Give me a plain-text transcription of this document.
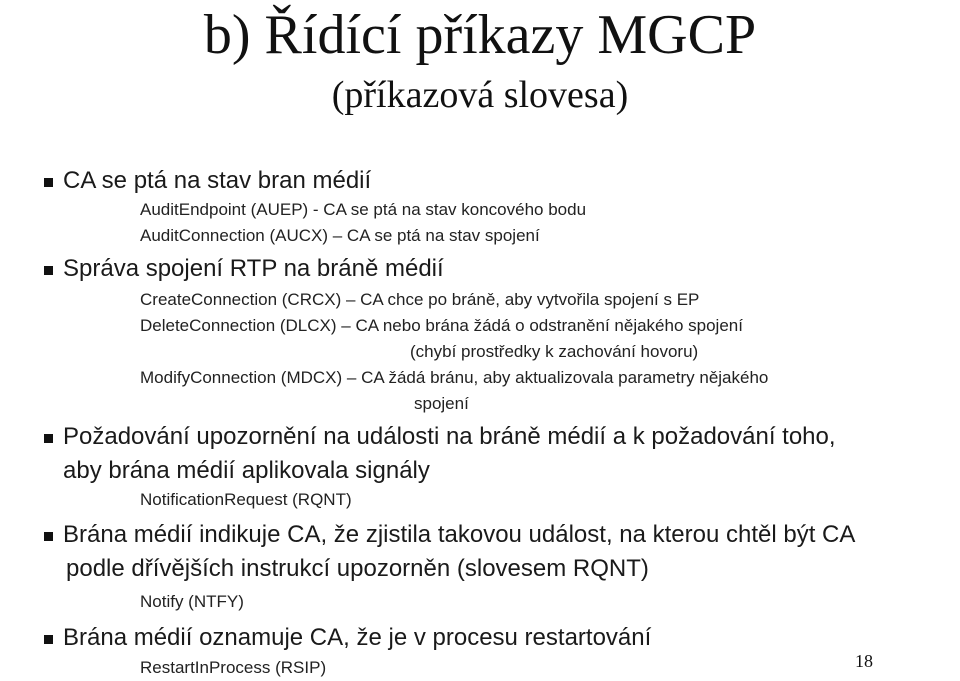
b) Řídící příkazy MGCP
(příkazová slovesa)
CA se ptá na stav bran médií
AuditEndpoint (AUEP) - CA se ptá na stav koncového bodu
AuditConnection (AUCX) – CA se ptá na stav spojení
Správa spojení RTP na bráně médií
CreateConnection (CRCX) – CA chce po bráně, aby vytvořila spojení s EP
DeleteConnection (DLCX) – CA nebo brána žádá o odstranění nějakého spojení
(chybí prostředky k zachování hovoru)
ModifyConnection (MDCX) – CA žádá bránu, aby aktualizovala parametry nějakého
spojení
Požadování upozornění na události na bráně médií a k požadování toho,
aby brána médií aplikovala signály
NotificationRequest (RQNT)
Brána médií indikuje CA, že zjistila takovou událost, na kterou chtěl být CA
podle dřívějších instrukcí upozorněn (slovesem RQNT)
Notify (NTFY)
Brána médií oznamuje CA, že je v procesu restartování
RestartInProcess (RSIP)	18
